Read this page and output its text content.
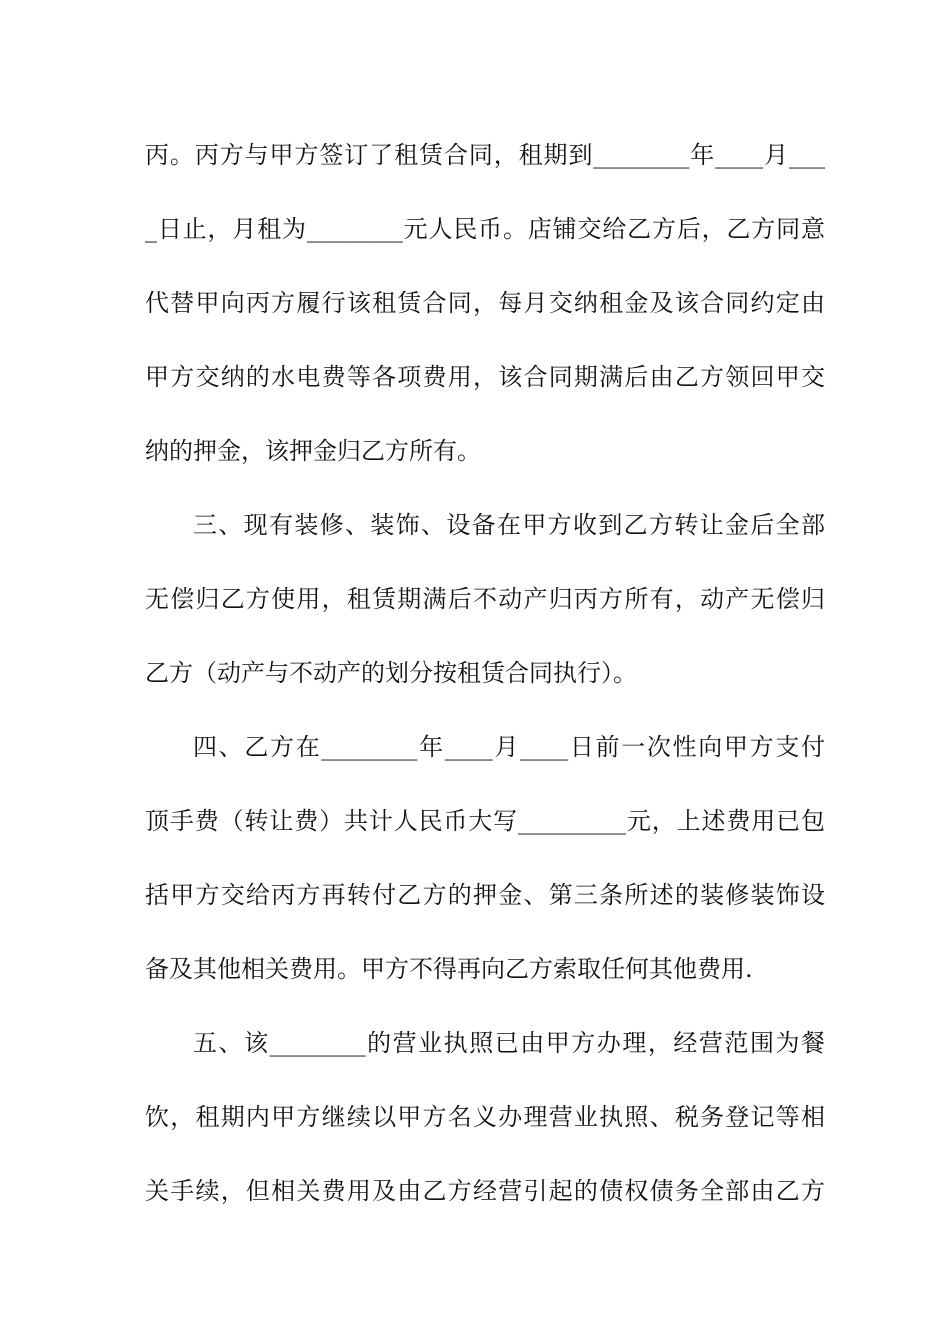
丙。丙方与甲方签订了租赁合同，租期到________年____月___
_日止，月租为________元人民币。店铺交给乙方后，乙方同意
代替甲向丙方履行该租赁合同，每月交纳租金及该合同约定由
甲方交纳的水电费等各项费用，该合同期满后由乙方领回甲交
纳的押金，该押金归乙方所有。
三、现有装修、装饰、设备在甲方收到乙方转让金后全部
无偿归乙方使用，租赁期满后不动产归丙方所有，动产无偿归
乙方（动产与不动产的划分按租赁合同执行）。
四、乙方在________年____月____日前一次性向甲方支付
顶手费（转让费）共计人民币大写_________元，上述费用已包
括甲方交给丙方再转付乙方的押金、第三条所述的装修装饰设
备及其他相关费用。甲方不得再向乙方索取任何其他费用.
五、该________的营业执照已由甲方办理，经营范围为餐
饮，租期内甲方继续以甲方名义办理营业执照、税务登记等相
关手续，但相关费用及由乙方经营引起的债权债务全部由乙方
